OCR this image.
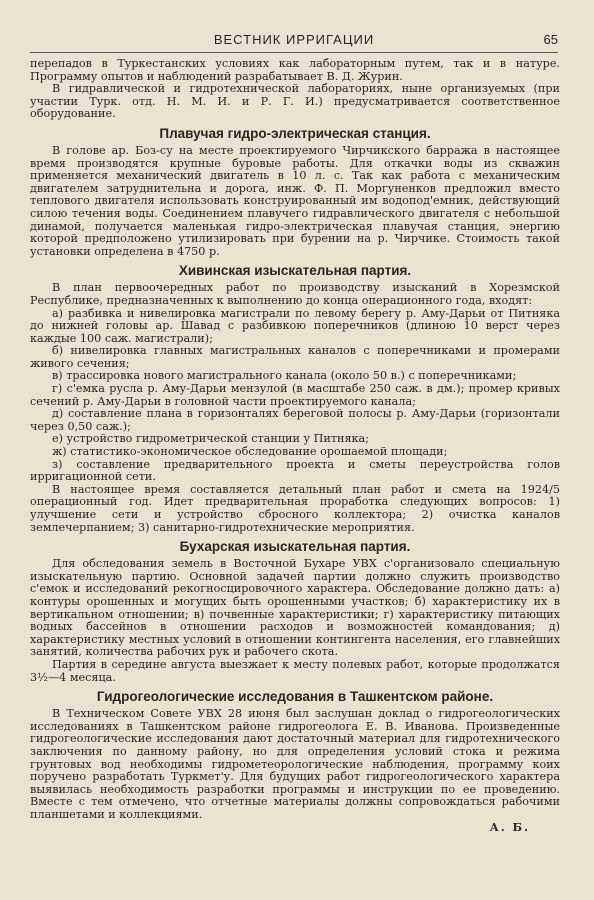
ВЕСТНИК ИРРИГАЦИИ	65

перепадов в Туркестанских условиях как лабораторным путем, так и в натуре. Программу опытов и наблюдений разрабатывает В. Д. Журин.

В гидравлической и гидротехнической лабораториях, ныне организуемых (при участии Турк. отд. Н. М. И. и Р. Г. И.) предусматривается соответственное оборудование.

Плавучая гидро-электрическая станция.

В голове ар. Боз-су на месте проектируемого Чирчикского барража в настоящее время производятся крупные буровые работы. Для откачки воды из скважин применяется механический двигатель в 10 л. с. Так как работа с механическим двигателем затруднительна и дорога, инж. Ф. П. Моргуненков предложил вместо теплового двигателя использовать конструированный им водопод'емник, действующий силою течения воды. Соединением плавучего гидравлического двигателя с небольшой динамой, получается маленькая гидро-электрическая плавучая станция, энергию которой предположено утилизировать при бурении на р. Чирчике. Стоимость такой установки определена в 4750 р.

Хивинская изыскательная партия.

В план первоочередных работ по производству изысканий в Хорезмской Республике, предназначенных к выполнению до конца операционного года, входят:

а) разбивка и нивелировка магистрали по левому берегу р. Аму-Дарьи от Питняка до нижней головы ар. Шавад с разбивкою поперечников (длиною 10 верст через каждые 100 саж. магистрали);

б) нивелировка главных магистральных каналов с поперечниками и промерами живого сечения;

в) трассировка нового магистрального канала (около 50 в.) с поперечниками;

г) с'емка русла р. Аму-Дарьи мензулой (в масштабе 250 саж. в дм.); промер кривых сечений р. Аму-Дарьи в головной части проектируемого канала;

д) составление плана в горизонталях береговой полосы р. Аму-Дарьи (горизонтали через 0,50 саж.);

е) устройство гидрометрической станции у Питняка;

ж) статистико-экономическое обследование орошаемой площади;

з) составление предварительного проекта и сметы переустройства голов ирригационной сети.

В настоящее время составляется детальный план работ и смета на 1924/5 операционный год. Идет предварительная проработка следующих вопросов: 1) улучшение сети и устройство сбросного коллектора; 2) очистка каналов землечерпанием; 3) санитарно-гидротехнические мероприятия.

Бухарская изыскательная партия.

Для обследования земель в Восточной Бухаре УВХ с'организовало специальную изыскательную партию. Основной задачей партии должно служить производство с'емок и исследований рекогносцировочного характера. Обследование должно дать: а) контуры орошенных и могущих быть орошенными участков; б) характеристику их в вертикальном отношении; в) почвенные характеристики; г) характеристику питающих водных бассейнов в отношении расходов и возможностей командования; д) характеристику местных условий в отношении контингента населения, его главнейших занятий, количества рабочих рук и рабочего скота.

Партия в середине августа выезжает к месту полевых работ, которые продолжатся 3½—4 месяца.

Гидрогеологические исследования в Ташкентском районе.

В Техническом Совете УВХ 28 июня был заслушан доклад о гидрогеологических исследованиях в Ташкентском районе гидрогеолога Е. В. Иванова. Произведенные гидрогеологические исследования дают достаточный материал для гидротехнического заключения по данному району, но для определения условий стока и режима грунтовых вод необходимы гидрометеорологические наблюдения, программу коих поручено разработать Туркмет'у. Для будущих работ гидрогеологического характера выявилась необходимость разработки программы и инструкции по ее проведению. Вместе с тем отмечено, что отчетные материалы должны сопровождаться рабочими планшетами и коллекциями.

А. Б.
